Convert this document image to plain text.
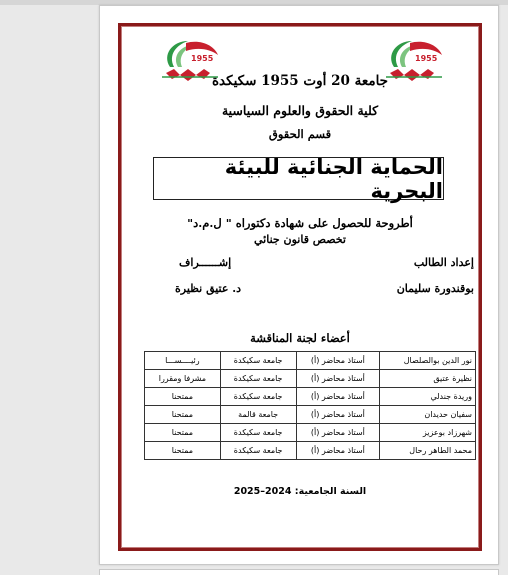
1955	1955
جامعة 20 أوت 1955 سكيكدة
كلية الحقوق والعلوم السياسية
قسم الحقوق
الحماية الجنائية للبيئة البحرية
أطروحة للحصول على شهادة دكتوراه " ل.م.د"
تخصص قانون جنائي
إعداد الطالب
بوقندورة سليمان
إشــــــراف
د. عتيق نظيرة
أعضاء لجنة المناقشة
نور الدين بوالصلصال	أستاذ محاضر (أ)	جامعة سكيكدة	رئيــــســـا
نظيرة عتيق	أستاذ محاضر (أ)	جامعة سكيكدة	مشرفا ومقررا
وريدة جندلي	أستاذ محاضر (أ)	جامعة سكيكدة	ممتحنا
سفيان حديدان	أستاذ محاضر (أ)	جامعة قالمة	ممتحنا
شهرزاد بوعزيز	أستاذ محاضر (أ)	جامعة سكيكدة	ممتحنا
محمد الطاهر رحال	أستاذ محاضر (أ)	جامعة سكيكدة	ممتحنا
السنة الجامعية: 2024–2025
